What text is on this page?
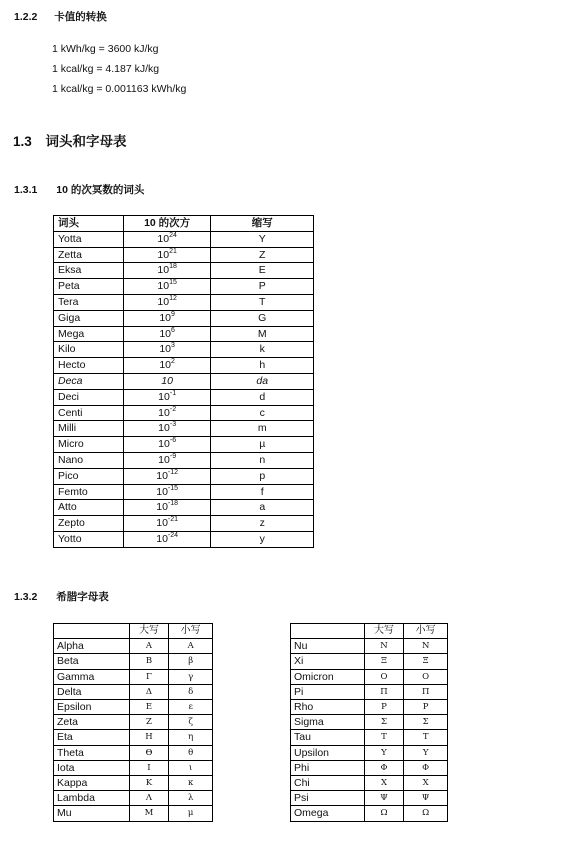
1.2.2 卡值的转换
1 kWh/kg = 3600 kJ/kg
1 kcal/kg = 4.187 kJ/kg
1 kcal/kg = 0.001163 kWh/kg
1.3 词头和字母表
1.3.1 10 的次冥数的词头
词头	10 的次方	缩写
Yotta	$10^{24}$	Y
Zetta	$10^{21}$	Z
Eksa	$10^{18}$	E
Peta	$10^{15}$	P
Tera	$10^{12}$	T
Giga	$10^9$	G
Mega	$10^6$	M
Kilo	$10^3$	k
Hecto	$10^2$	h
Deca	10	da
Deci	$10^{-1}$	d
Centi	$10^{-2}$	c
Milli	$10^{-3}$	m
Micro	$10^{-6}$	µ
Nano	$10^{-9}$	n
Pico	$10^{-12}$	p
Femto	$10^{-15}$	f
Atto	$10^{-18}$	a
Zepto	$10^{-21}$	z
Yotto	$10^{-24}$	y
1.3.2 希腊字母表
	大写	小写
Alpha	Α	Α
Beta	Β	β
Gamma	Γ	γ
Delta	Δ	δ
Epsilon	Ε	ε
Zeta	Ζ	ζ
Eta	Η	η
Theta	Θ	θ
Iota	Ι	ι
Kappa	Κ	κ
Lambda	Λ	λ
Mu	Μ	μ
	大写	小写
Nu	Ν	Ν
Xi	Ξ	Ξ
Omicron	Ο	Ο
Pi	Π	Π
Rho	Ρ	Ρ
Sigma	Σ	Σ
Tau	Τ	Τ
Upsilon	Υ	Υ
Phi	Φ	Φ
Chi	Χ	Χ
Psi	Ψ	Ψ
Omega	Ω	Ω
